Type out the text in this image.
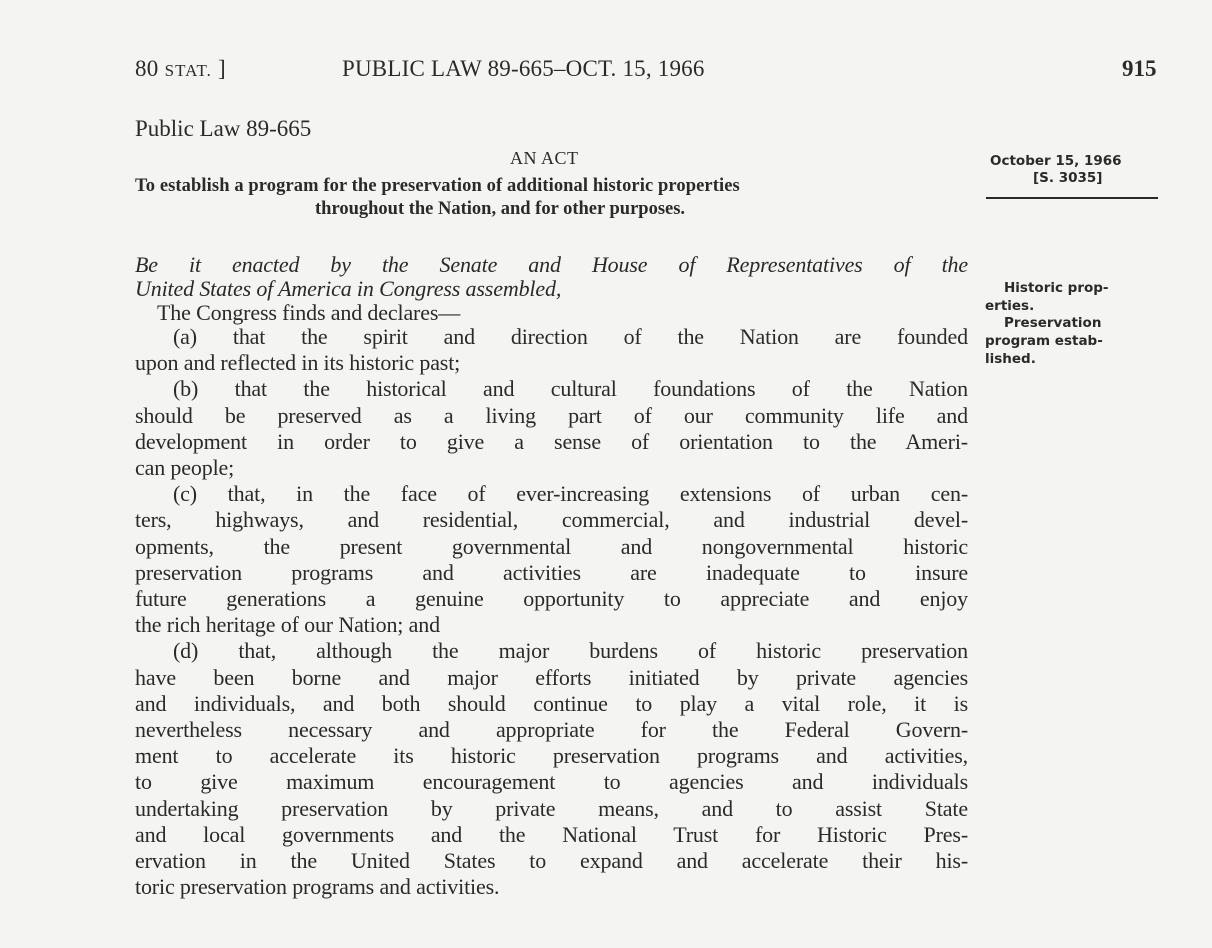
80 STAT. ]	PUBLIC LAW 89-665–OCT. 15, 1966	915
Public Law 89-665
AN ACT
To establish a program for the preservation of additional historic properties
throughout the Nation, and for other purposes.
October 15, 1966
[S. 3035]
Historic prop-
erties.
Preservation
program estab-
lished.
Be it enacted by the Senate and House of Representatives of the
United States of America in Congress assembled,
The Congress finds and declares—
(a) that the spirit and direction of the Nation are founded
upon and reflected in its historic past;
(b) that the historical and cultural foundations of the Nation
should be preserved as a living part of our community life and
development in order to give a sense of orientation to the Ameri-
can people;
(c) that, in the face of ever-increasing extensions of urban cen-
ters, highways, and residential, commercial, and industrial devel-
opments, the present governmental and nongovernmental historic
preservation programs and activities are inadequate to insure
future generations a genuine opportunity to appreciate and enjoy
the rich heritage of our Nation; and
(d) that, although the major burdens of historic preservation
have been borne and major efforts initiated by private agencies
and individuals, and both should continue to play a vital role, it is
nevertheless necessary and appropriate for the Federal Govern-
ment to accelerate its historic preservation programs and activities,
to give maximum encouragement to agencies and individuals
undertaking preservation by private means, and to assist State
and local governments and the National Trust for Historic Pres-
ervation in the United States to expand and accelerate their his-
toric preservation programs and activities.
